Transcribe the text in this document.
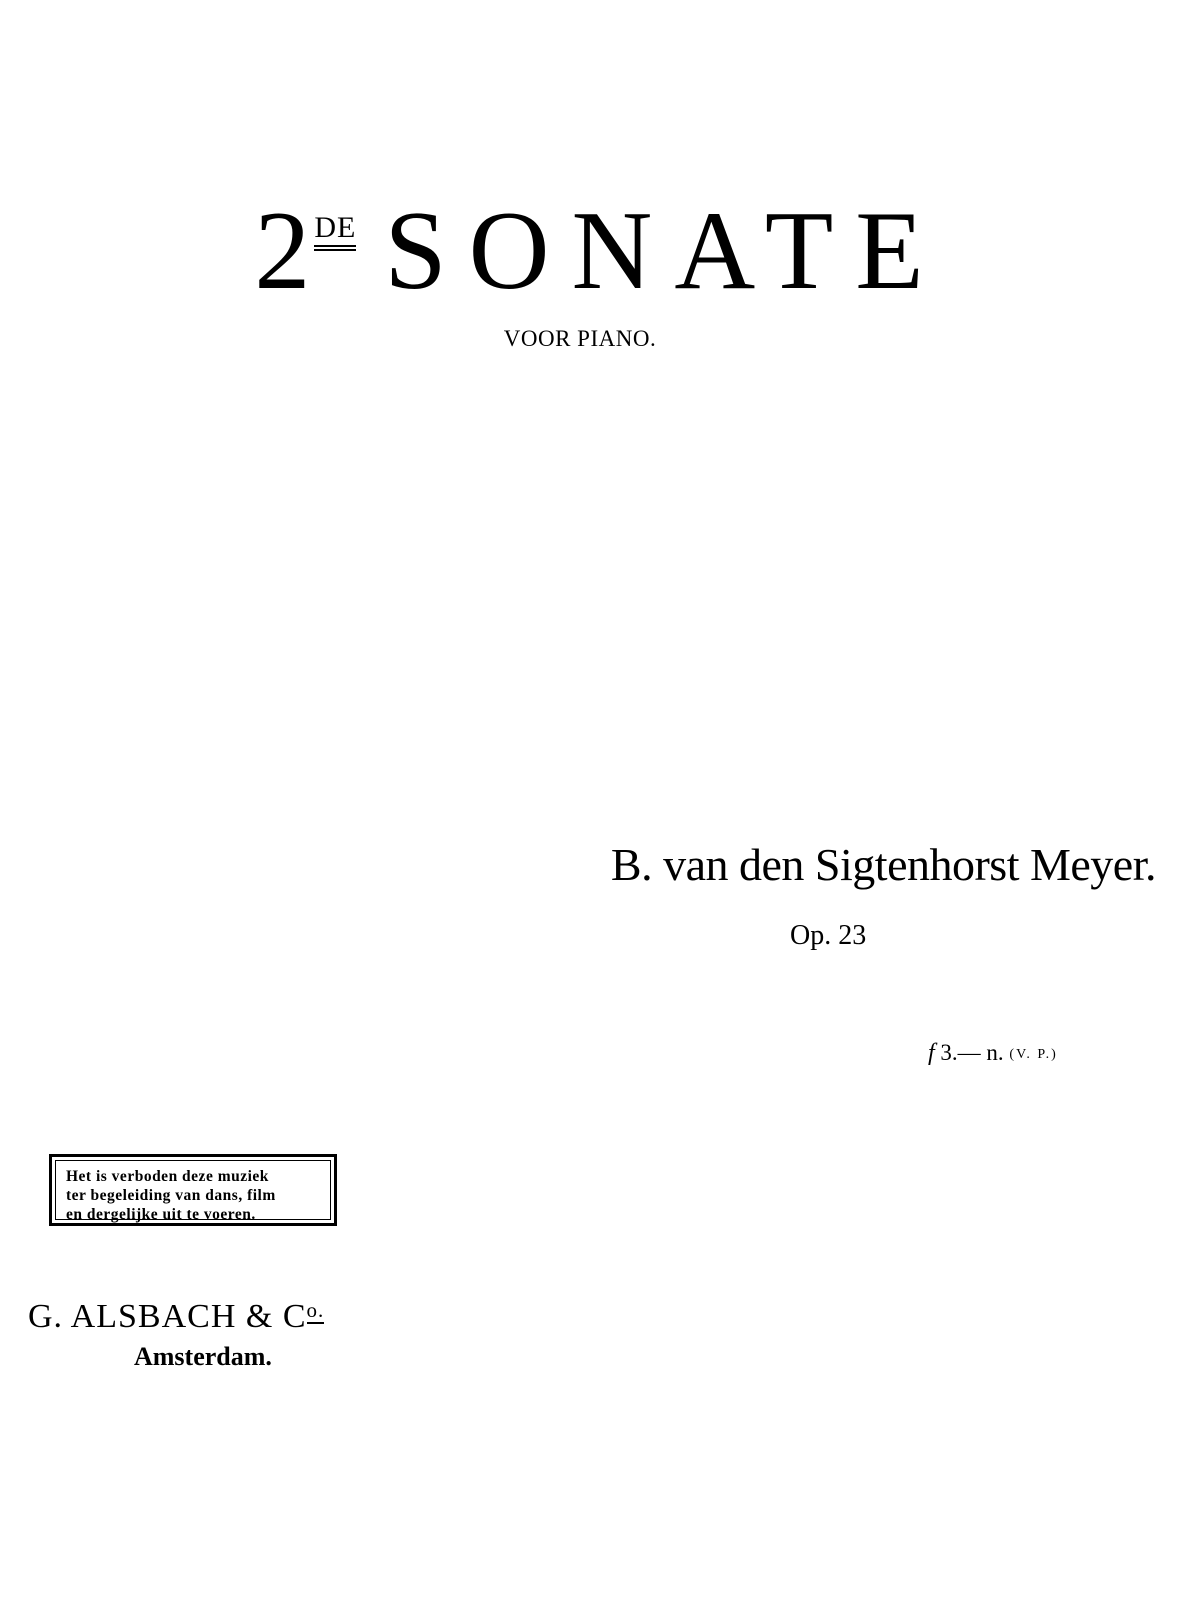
2 DE SONATE
VOOR PIANO.
B. van den Sigtenhorst Meyer.
Op. 23
f 3.— n. (V. P.)
Het is verboden deze muziek
ter begeleiding van dans, film
en dergelijke uit te voeren.
G. ALSBACH & $C^{o.}$
Amsterdam.
